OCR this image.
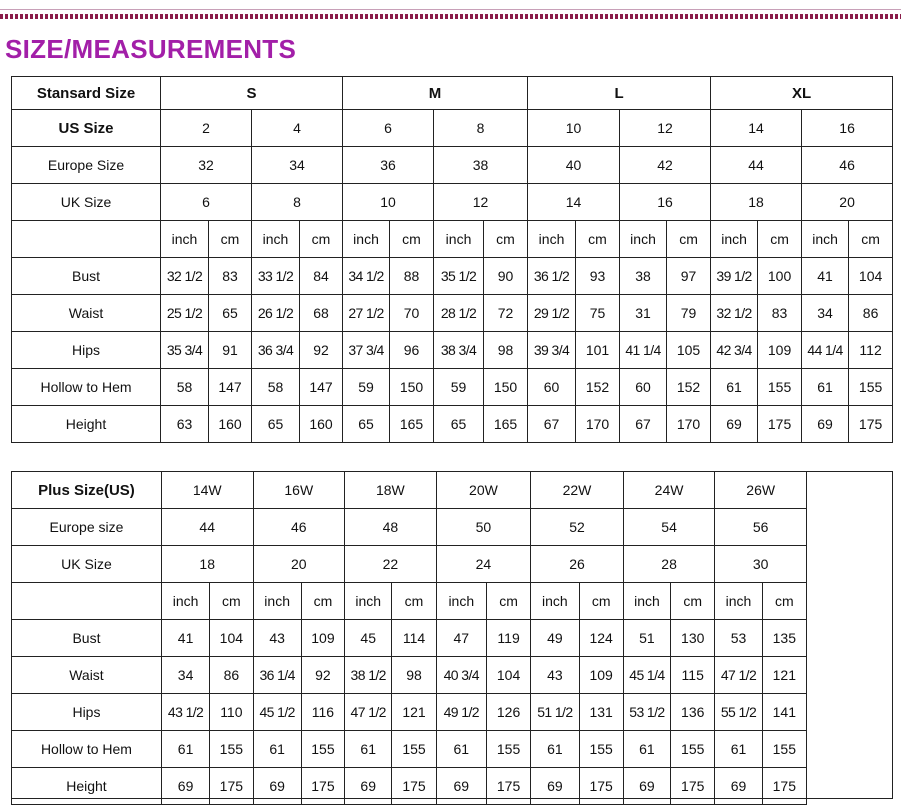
SIZE/MEASUREMENTS
Stansard Size	S				M				L				XL			
US Size	2		4		6		8		10		12		14		16	
Europe Size	32		34		36		38		40		42		44		46	
UK Size	6		8		10		12		14		16		18		20	
	inch	cm	inch	cm	inch	cm	inch	cm	inch	cm	inch	cm	inch	cm	inch	cm
Bust	32 1/2	83	33 1/2	84	34 1/2	88	35 1/2	90	36 1/2	93	38	97	39 1/2	100	41	104
Waist	25 1/2	65	26 1/2	68	27 1/2	70	28 1/2	72	29 1/2	75	31	79	32 1/2	83	34	86
Hips	35 3/4	91	36 3/4	92	37 3/4	96	38 3/4	98	39 3/4	101	41 1/4	105	42 3/4	109	44 1/4	112
Hollow to Hem	58	147	58	147	59	150	59	150	60	152	60	152	61	155	61	155
Height	63	160	65	160	65	165	65	165	67	170	67	170	69	175	69	175
Plus Size(US)	14W		16W		18W		20W		22W		24W		26W	
Europe size	44		46		48		50		52		54		56	
UK Size	18		20		22		24		26		28		30	
	inch	cm	inch	cm	inch	cm	inch	cm	inch	cm	inch	cm	inch	cm
Bust	41	104	43	109	45	114	47	119	49	124	51	130	53	135
Waist	34	86	36 1/4	92	38 1/2	98	40 3/4	104	43	109	45 1/4	115	47 1/2	121
Hips	43 1/2	110	45 1/2	116	47 1/2	121	49 1/2	126	51 1/2	131	53 1/2	136	55 1/2	141
Hollow to Hem	61	155	61	155	61	155	61	155	61	155	61	155	61	155
Height	69	175	69	175	69	175	69	175	69	175	69	175	69	175
